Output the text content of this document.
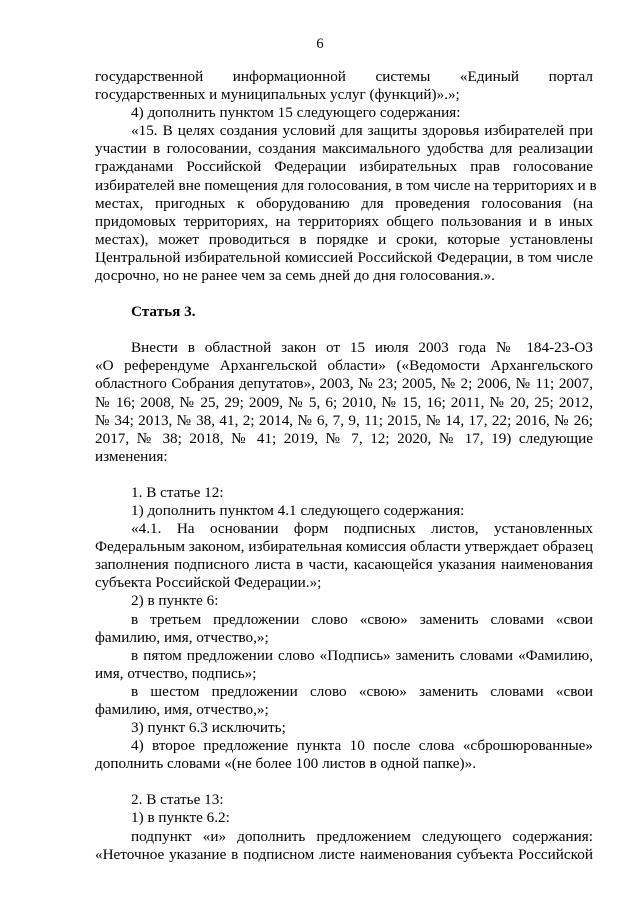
6
государственной информационной системы «Единый портал
государственных и муниципальных услуг (функций)».»;
4) дополнить пунктом 15 следующего содержания:
«15. В целях создания условий для защиты здоровья избирателей при
участии в голосовании, создания максимального удобства для реализации
гражданами Российской Федерации избирательных прав голосование
избирателей вне помещения для голосования, в том числе на территориях и в
местах, пригодных к оборудованию для проведения голосования (на
придомовых территориях, на территориях общего пользования и в иных
местах), может проводиться в порядке и сроки, которые установлены
Центральной избирательной комиссией Российской Федерации, в том числе
досрочно, но не ранее чем за семь дней до дня голосования.».
Статья 3.
Внести в областной закон от 15 июля 2003 года № 184-23-ОЗ
«О референдуме Архангельской области» («Ведомости Архангельского
областного Собрания депутатов», 2003, № 23; 2005, № 2; 2006, № 11; 2007,
№ 16; 2008, № 25, 29; 2009, № 5, 6; 2010, № 15, 16; 2011, № 20, 25; 2012,
№ 34; 2013, № 38, 41, 2; 2014, № 6, 7, 9, 11; 2015, № 14, 17, 22; 2016, № 26;
2017, № 38; 2018, № 41; 2019, № 7, 12; 2020, № 17, 19) следующие
изменения:
1. В статье 12:
1) дополнить пунктом 4.1 следующего содержания:
«4.1. На основании форм подписных листов, установленных
Федеральным законом, избирательная комиссия области утверждает образец
заполнения подписного листа в части, касающейся указания наименования
субъекта Российской Федерации.»;
2) в пункте 6:
в третьем предложении слово «свою» заменить словами «свои
фамилию, имя, отчество,»;
в пятом предложении слово «Подпись» заменить словами «Фамилию,
имя, отчество, подпись»;
в шестом предложении слово «свою» заменить словами «свои
фамилию, имя, отчество,»;
3) пункт 6.3 исключить;
4) второе предложение пункта 10 после слова «сброшюрованные»
дополнить словами «(не более 100 листов в одной папке)».
2. В статье 13:
1) в пункте 6.2:
подпункт «и» дополнить предложением следующего содержания:
«Неточное указание в подписном листе наименования субъекта Российской
